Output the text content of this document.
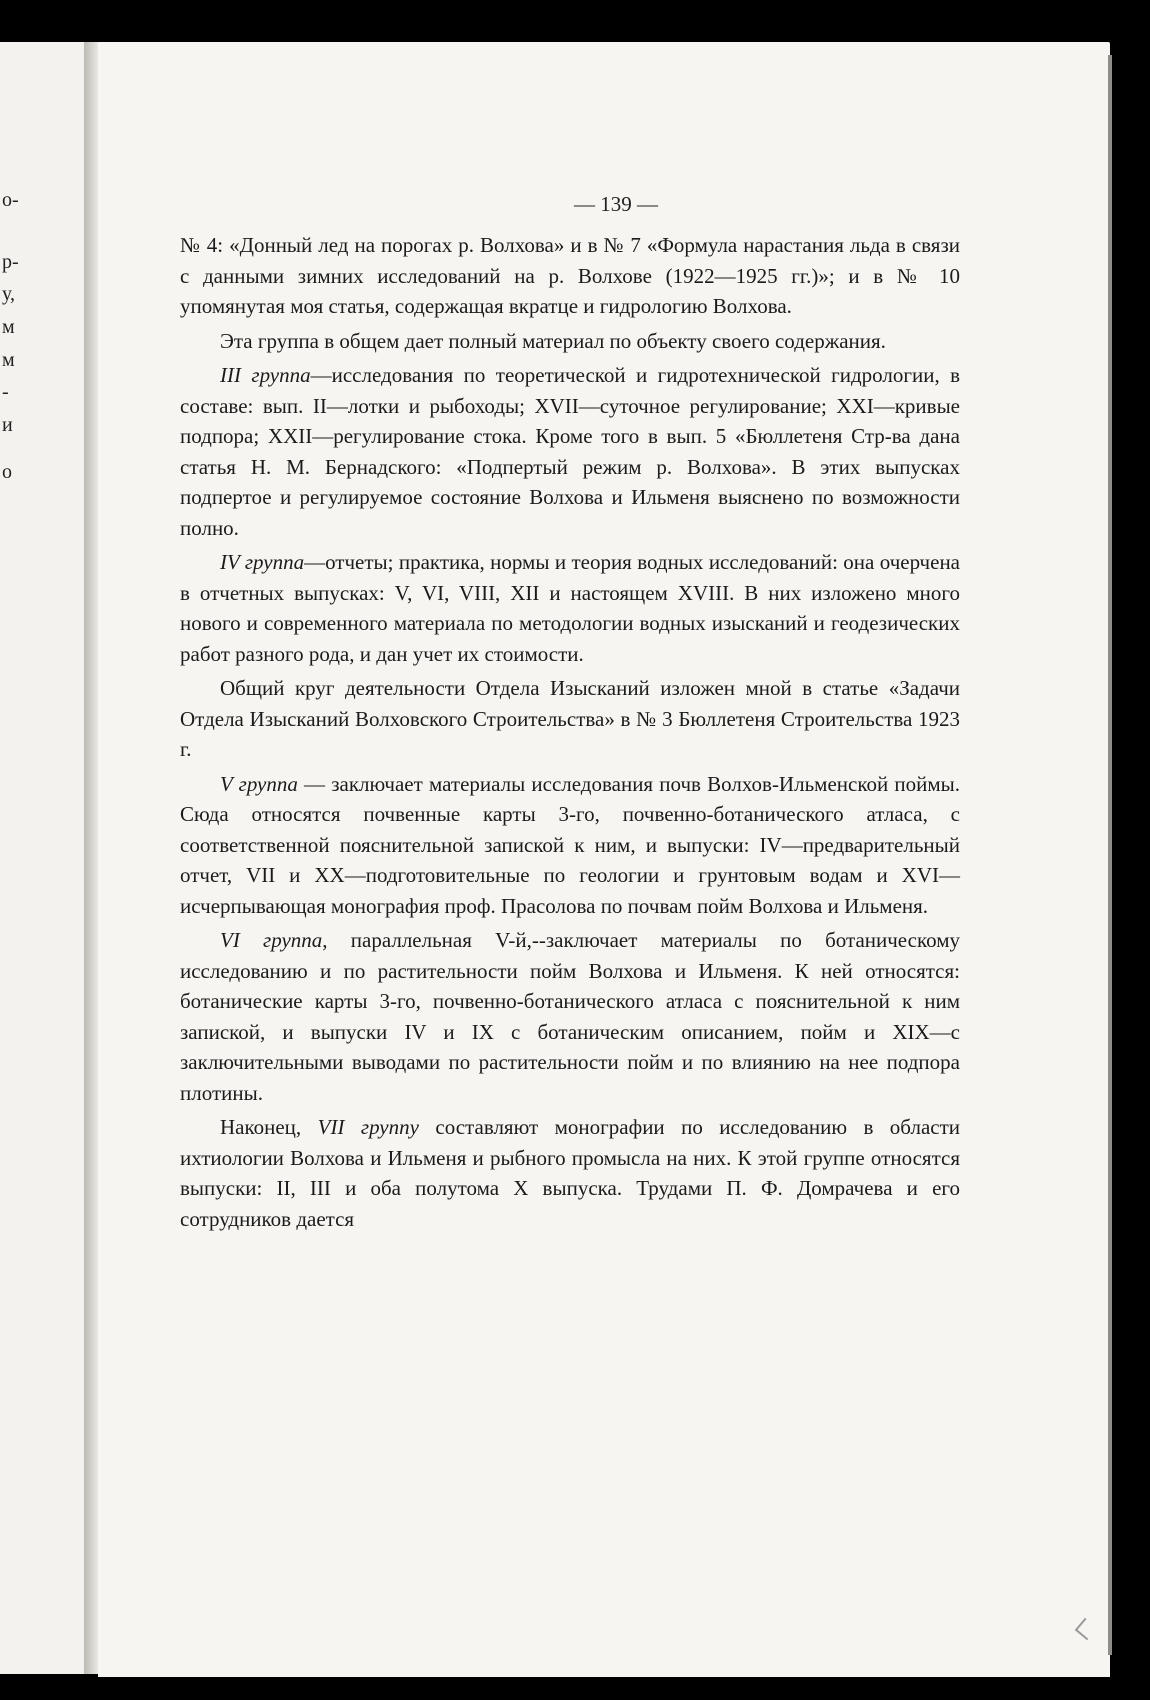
о-
р-
у,
м
м
-
и
о
— 139 —

№ 4: «Донный лед на порогах р. Волхова» и в № 7 «Формула нарастания льда в связи с данными зимних исследований на р. Волхове (1922—1925 гг.)»; и в № 10 упомянутая моя статья, содержащая вкратце и гидрологию Волхова.

Эта группа в общем дает полный материал по объекту своего содержания.

III группа—исследования по теоретической и гидротехнической гидрологии, в составе: вып. II—лотки и рыбоходы; XVII—суточное регулирование; XXI—кривые подпора; XXII—регулирование стока. Кроме того в вып. 5 «Бюллетеня Стр-ва дана статья Н. М. Бернадского: «Подпертый режим р. Волхова». В этих выпусках подпертое и регулируемое состояние Волхова и Ильменя выяснено по возможности полно.

IV группа—отчеты; практика, нормы и теория водных исследований: она очерчена в отчетных выпусках: V, VI, VIII, XII и настоящем XVIII. В них изложено много нового и современного материала по методологии водных изысканий и геодезических работ разного рода, и дан учет их стоимости.

Общий круг деятельности Отдела Изысканий изложен мной в статье «Задачи Отдела Изысканий Волховского Строительства» в № 3 Бюллетеня Строительства 1923 г.

V группа — заключает материалы исследования почв Волхов-Ильменской поймы. Сюда относятся почвенные карты 3-го, почвенно-ботанического атласа, с соответственной пояснительной запиской к ним, и выпуски: IV—предварительный отчет, VII и XX—подготовительные по геологии и грунтовым водам и XVI—исчерпывающая монография проф. Прасолова по почвам пойм Волхова и Ильменя.

VI группа, параллельная V-й,--заключает материалы по ботаническому исследованию и по растительности пойм Волхова и Ильменя. К ней относятся: ботанические карты 3-го, почвенно-ботанического атласа с пояснительной к ним запиской, и выпуски IV и IX с ботаническим описанием, пойм и XIX—с заключительными выводами по растительности пойм и по влиянию на нее подпора плотины.

Наконец, VII группу составляют монографии по исследованию в области ихтиологии Волхова и Ильменя и рыбного промысла на них. К этой группе относятся выпуски: II, III и оба полутома X выпуска. Трудами П. Ф. Домрачева и его сотрудников дается
